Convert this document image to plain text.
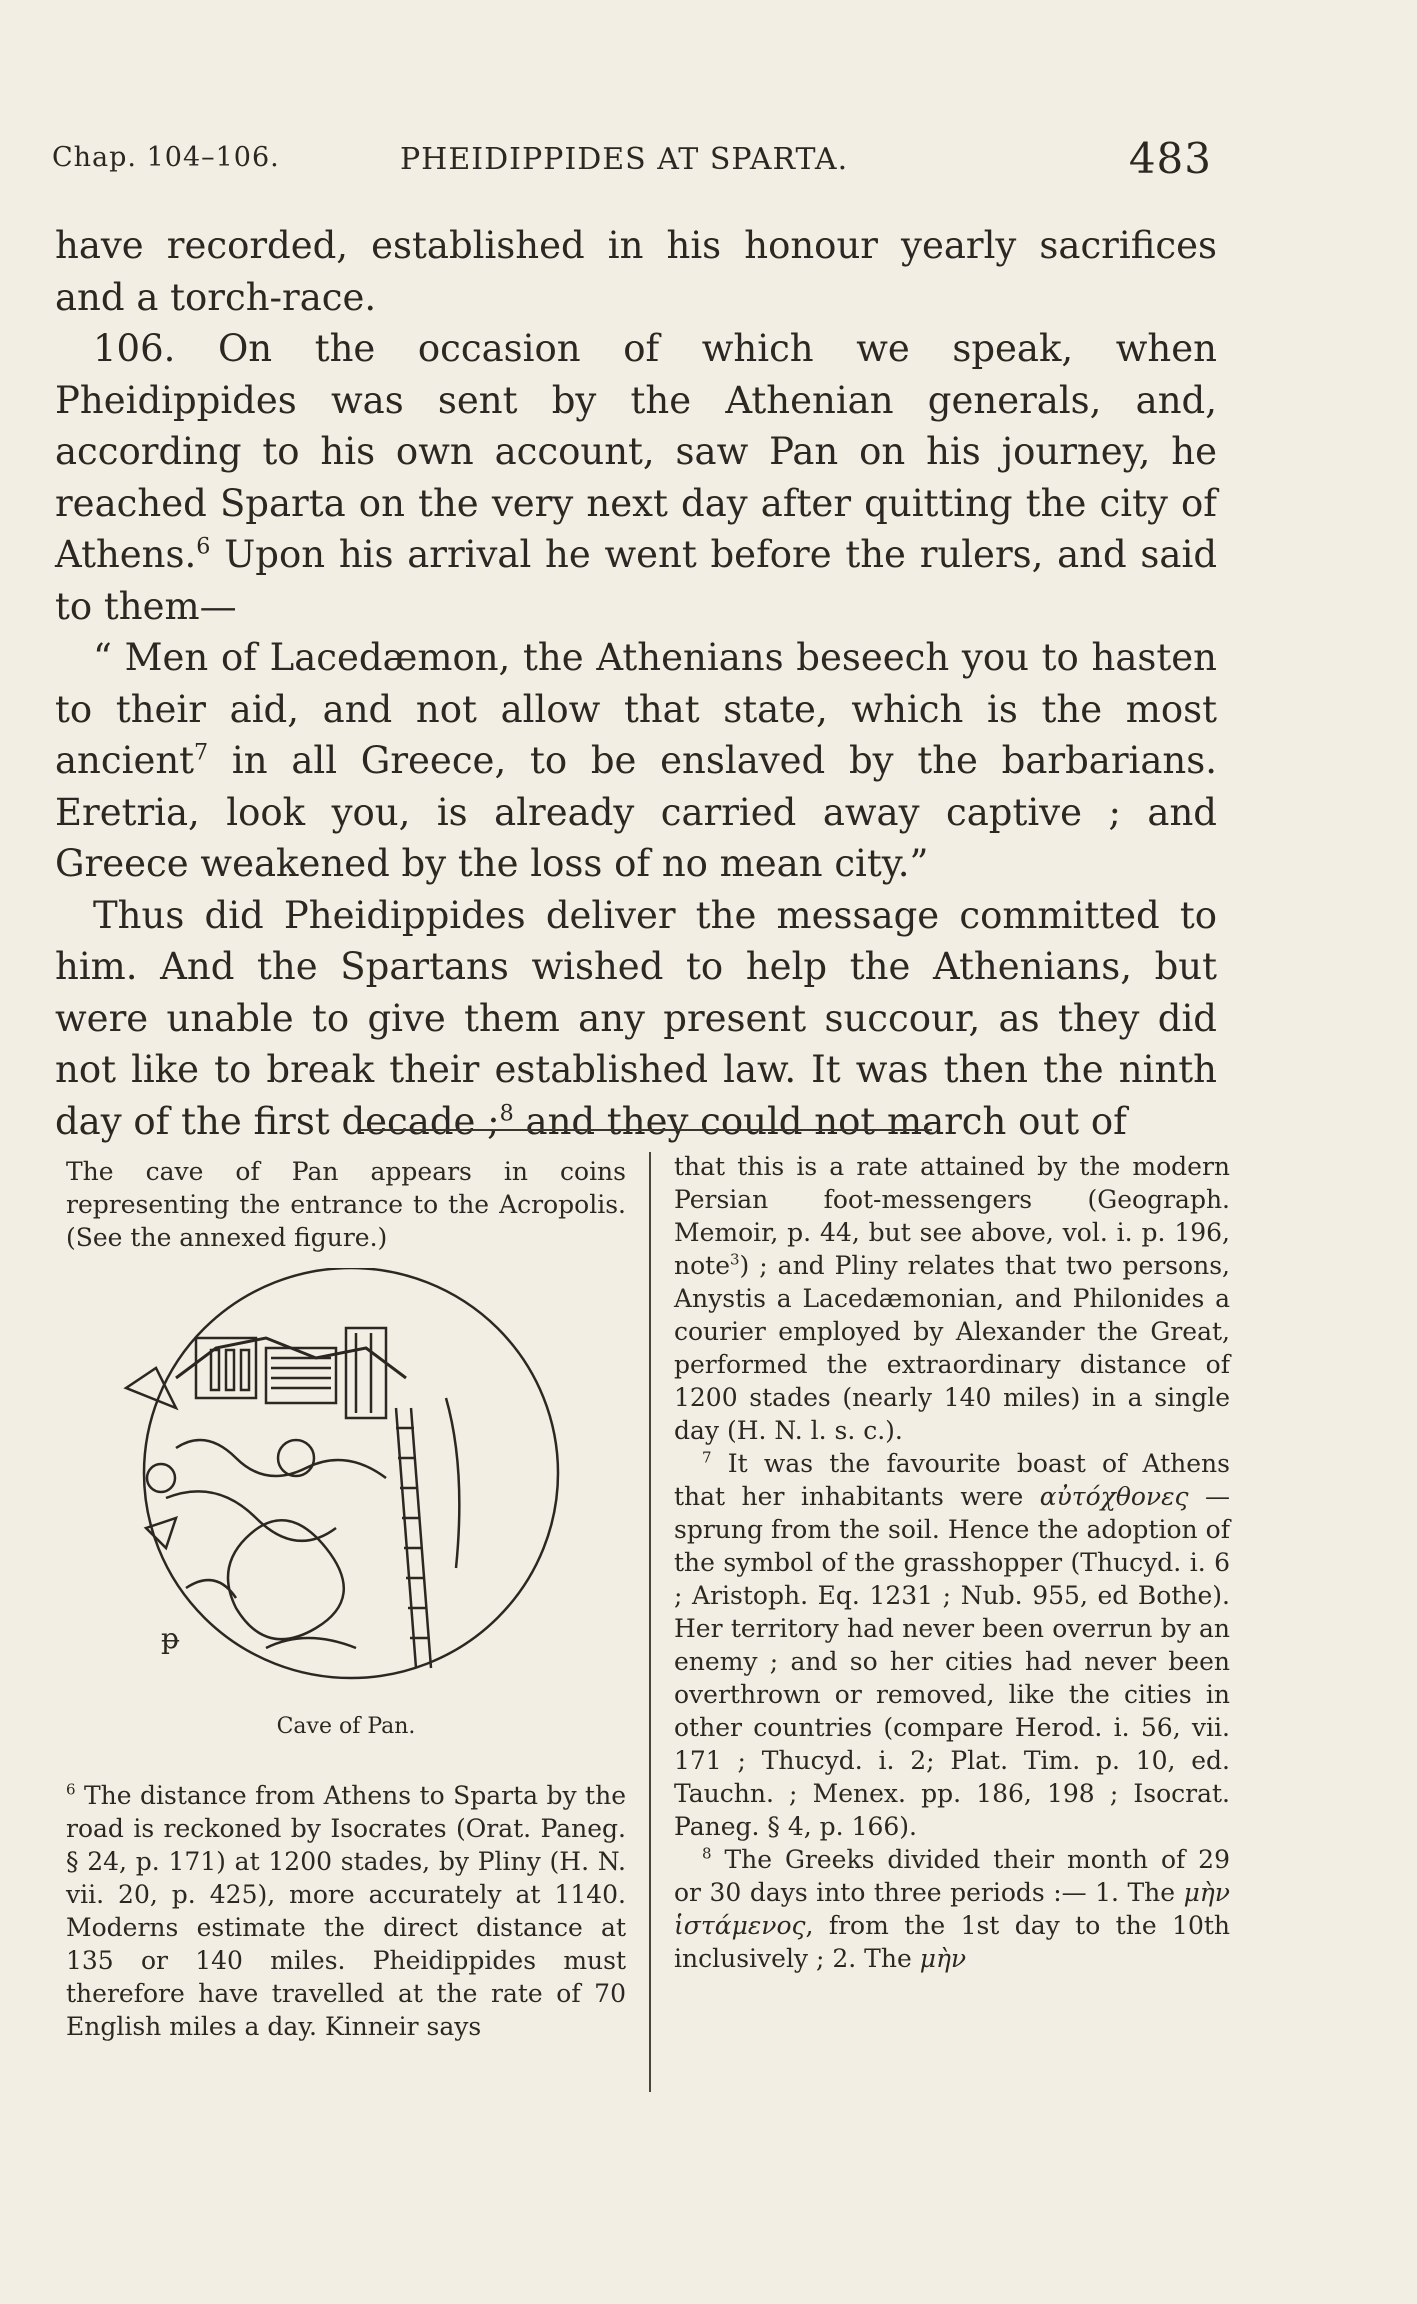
Chap. 104–106.	PHEIDIPPIDES AT SPARTA.	483

have recorded, established in his honour yearly sacrifices and a torch-race.

106. On the occasion of which we speak, when Pheidippides was sent by the Athenian generals, and, according to his own account, saw Pan on his journey, he reached Sparta on the very next day after quitting the city of Athens.$^6$ Upon his arrival he went before the rulers, and said to them—

“ Men of Lacedæmon, the Athenians beseech you to hasten to their aid, and not allow that state, which is the most ancient$^7$ in all Greece, to be enslaved by the barbarians. Eretria, look you, is already carried away captive ; and Greece weakened by the loss of no mean city.”

Thus did Pheidippides deliver the message committed to him. And the Spartans wished to help the Athenians, but were unable to give them any present succour, as they did not like to break their established law. It was then the ninth day of the first decade ;$^8$ and they could not march out of

The cave of Pan appears in coins representing the entrance to the Acropolis. (See the annexed figure.)

ᵽ
Cave of Pan.

$^6$ The distance from Athens to Sparta by the road is reckoned by Isocrates (Orat. Paneg. § 24, p. 171) at 1200 stades, by Pliny (H. N. vii. 20, p. 425), more accurately at 1140. Moderns estimate the direct distance at 135 or 140 miles. Pheidippides must therefore have travelled at the rate of 70 English miles a day. Kinneir says

that this is a rate attained by the modern Persian foot-messengers (Geograph. Memoir, p. 44, but see above, vol. i. p. 196, note$^3$) ; and Pliny relates that two persons, Anystis a Lacedæmonian, and Philonides a courier employed by Alexander the Great, performed the extraordinary distance of 1200 stades (nearly 140 miles) in a single day (H. N. l. s. c.).

$^7$ It was the favourite boast of Athens that her inhabitants were αὐτόχθονες — sprung from the soil. Hence the adoption of the symbol of the grasshopper (Thucyd. i. 6 ; Aristoph. Eq. 1231 ; Nub. 955, ed Bothe). Her territory had never been overrun by an enemy ; and so her cities had never been overthrown or removed, like the cities in other countries (compare Herod. i. 56, vii. 171 ; Thucyd. i. 2; Plat. Tim. p. 10, ed. Tauchn. ; Menex. pp. 186, 198 ; Isocrat. Paneg. § 4, p. 166).

$^8$ The Greeks divided their month of 29 or 30 days into three periods :— 1. The μὴν ἱστάμενος, from the 1st day to the 10th inclusively ; 2. The μὴν
